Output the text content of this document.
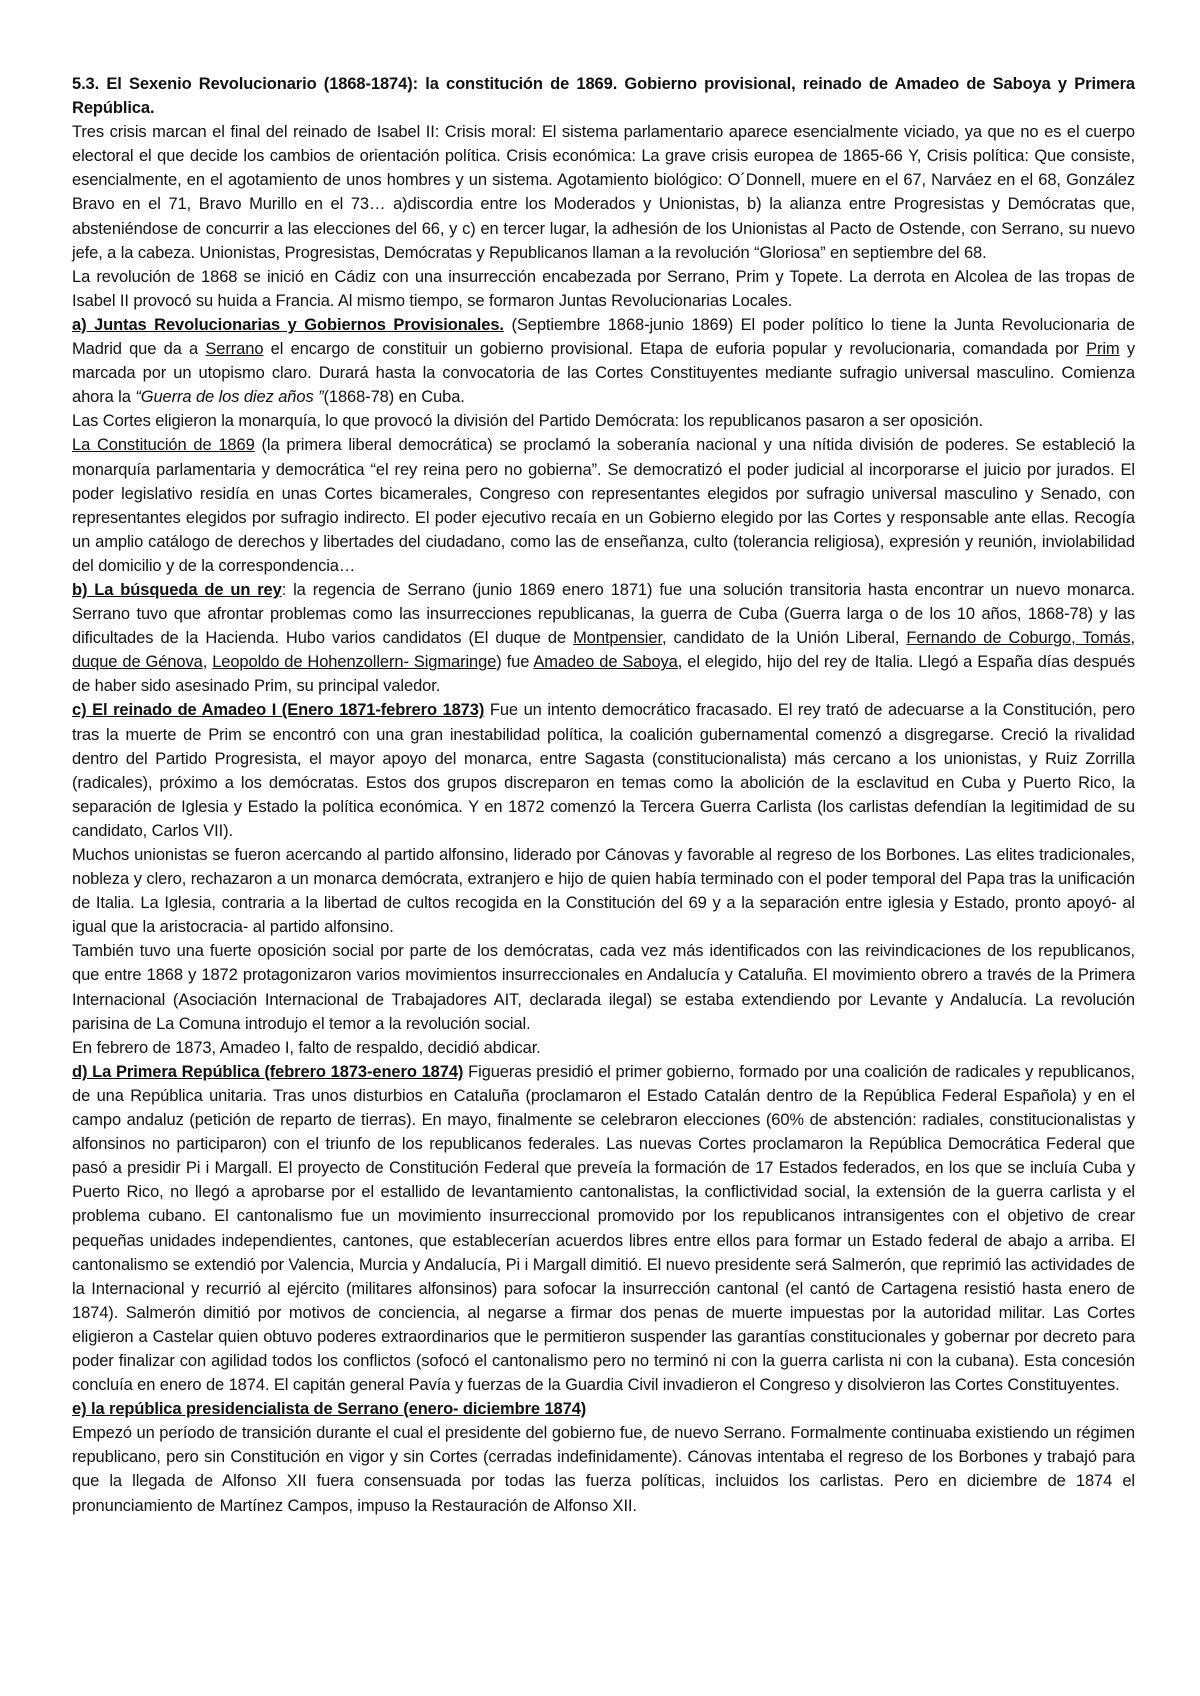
5.3. El Sexenio Revolucionario (1868-1874): la constitución de 1869. Gobierno provisional, reinado de Amadeo de Saboya y Primera República.

Tres crisis marcan el final del reinado de Isabel II: Crisis moral: El sistema parlamentario aparece esencialmente viciado, ya que no es el cuerpo electoral el que decide los cambios de orientación política. Crisis económica: La grave crisis europea de 1865-66 Y, Crisis política: Que consiste, esencialmente, en el agotamiento de unos hombres y un sistema. Agotamiento biológico: O´Donnell, muere en el 67, Narváez en el 68, González Bravo en el 71, Bravo Murillo en el 73… a)discordia entre los Moderados y Unionistas, b) la alianza entre Progresistas y Demócratas que, absteniéndose de concurrir a las elecciones del 66, y c) en tercer lugar, la adhesión de los Unionistas al Pacto de Ostende, con Serrano, su nuevo jefe, a la cabeza. Unionistas, Progresistas, Demócratas y Republicanos llaman a la revolución “Gloriosa” en septiembre del 68.

La revolución de 1868 se inició en Cádiz con una insurrección encabezada por Serrano, Prim y Topete. La derrota en Alcolea de las tropas de Isabel II provocó su huida a Francia. Al mismo tiempo, se formaron Juntas Revolucionarias Locales.

a) Juntas Revolucionarias y Gobiernos Provisionales. (Septiembre 1868-junio 1869) El poder político lo tiene la Junta Revolucionaria de Madrid que da a Serrano el encargo de constituir un gobierno provisional. Etapa de euforia popular y revolucionaria, comandada por Prim y marcada por un utopismo claro. Durará hasta la convocatoria de las Cortes Constituyentes mediante sufragio universal masculino. Comienza ahora la “Guerra de los diez años ”(1868-78) en Cuba.

Las Cortes eligieron la monarquía, lo que provocó la división del Partido Demócrata: los republicanos pasaron a ser oposición.

La Constitución de 1869 (la primera liberal democrática) se proclamó la soberanía nacional y una nítida división de poderes. Se estableció la monarquía parlamentaria y democrática “el rey reina pero no gobierna”. Se democratizó el poder judicial al incorporarse el juicio por jurados. El poder legislativo residía en unas Cortes bicamerales, Congreso con representantes elegidos por sufragio universal masculino y Senado, con representantes elegidos por sufragio indirecto. El poder ejecutivo recaía en un Gobierno elegido por las Cortes y responsable ante ellas. Recogía un amplio catálogo de derechos y libertades del ciudadano, como las de enseñanza, culto (tolerancia religiosa), expresión y reunión, inviolabilidad del domicilio y de la correspondencia…

b) La búsqueda de un rey: la regencia de Serrano (junio 1869 enero 1871) fue una solución transitoria hasta encontrar un nuevo monarca. Serrano tuvo que afrontar problemas como las insurrecciones republicanas, la guerra de Cuba (Guerra larga o de los 10 años, 1868-78) y las dificultades de la Hacienda. Hubo varios candidatos (El duque de Montpensier, candidato de la Unión Liberal, Fernando de Coburgo, Tomás, duque de Génova, Leopoldo de Hohenzollern- Sigmaringe) fue Amadeo de Saboya, el elegido, hijo del rey de Italia. Llegó a España días después de haber sido asesinado Prim, su principal valedor.

c) El reinado de Amadeo I (Enero 1871-febrero 1873) Fue un intento democrático fracasado. El rey trató de adecuarse a la Constitución, pero tras la muerte de Prim se encontró con una gran inestabilidad política, la coalición gubernamental comenzó a disgregarse. Creció la rivalidad dentro del Partido Progresista, el mayor apoyo del monarca, entre Sagasta (constitucionalista) más cercano a los unionistas, y Ruiz Zorrilla (radicales), próximo a los demócratas. Estos dos grupos discreparon en temas como la abolición de la esclavitud en Cuba y Puerto Rico, la separación de Iglesia y Estado la política económica. Y en 1872 comenzó la Tercera Guerra Carlista (los carlistas defendían la legitimidad de su candidato, Carlos VII).

Muchos unionistas se fueron acercando al partido alfonsino, liderado por Cánovas y favorable al regreso de los Borbones. Las elites tradicionales, nobleza y clero, rechazaron a un monarca demócrata, extranjero e hijo de quien había terminado con el poder temporal del Papa tras la unificación de Italia. La Iglesia, contraria a la libertad de cultos recogida en la Constitución del 69 y a la separación entre iglesia y Estado, pronto apoyó- al igual que la aristocracia- al partido alfonsino.

También tuvo una fuerte oposición social por parte de los demócratas, cada vez más identificados con las reivindicaciones de los republicanos, que entre 1868 y 1872 protagonizaron varios movimientos insurreccionales en Andalucía y Cataluña. El movimiento obrero a través de la Primera Internacional (Asociación Internacional de Trabajadores AIT, declarada ilegal) se estaba extendiendo por Levante y Andalucía. La revolución parisina de La Comuna introdujo el temor a la revolución social.

En febrero de 1873, Amadeo I, falto de respaldo, decidió abdicar.

d) La Primera República (febrero 1873-enero 1874) Figueras presidió el primer gobierno, formado por una coalición de radicales y republicanos, de una República unitaria. Tras unos disturbios en Cataluña (proclamaron el Estado Catalán dentro de la República Federal Española) y en el campo andaluz (petición de reparto de tierras). En mayo, finalmente se celebraron elecciones (60% de abstención: radiales, constitucionalistas y alfonsinos no participaron) con el triunfo de los republicanos federales. Las nuevas Cortes proclamaron la República Democrática Federal que pasó a presidir Pi i Margall. El proyecto de Constitución Federal que preveía la formación de 17 Estados federados, en los que se incluía Cuba y Puerto Rico, no llegó a aprobarse por el estallido de levantamiento cantonalistas, la conflictividad social, la extensión de la guerra carlista y el problema cubano. El cantonalismo fue un movimiento insurreccional promovido por los republicanos intransigentes con el objetivo de crear pequeñas unidades independientes, cantones, que establecerían acuerdos libres entre ellos para formar un Estado federal de abajo a arriba. El cantonalismo se extendió por Valencia, Murcia y Andalucía, Pi i Margall dimitió. El nuevo presidente será Salmerón, que reprimió las actividades de la Internacional y recurrió al ejército (militares alfonsinos) para sofocar la insurrección cantonal (el cantó de Cartagena resistió hasta enero de 1874). Salmerón dimitió por motivos de conciencia, al negarse a firmar dos penas de muerte impuestas por la autoridad militar. Las Cortes eligieron a Castelar quien obtuvo poderes extraordinarios que le permitieron suspender las garantías constitucionales y gobernar por decreto para poder finalizar con agilidad todos los conflictos (sofocó el cantonalismo pero no terminó ni con la guerra carlista ni con la cubana). Esta concesión concluía en enero de 1874. El capitán general Pavía y fuerzas de la Guardia Civil invadieron el Congreso y disolvieron las Cortes Constituyentes.

e) la república presidencialista de Serrano (enero- diciembre 1874)

Empezó un período de transición durante el cual el presidente del gobierno fue, de nuevo Serrano. Formalmente continuaba existiendo un régimen republicano, pero sin Constitución en vigor y sin Cortes (cerradas indefinidamente). Cánovas intentaba el regreso de los Borbones y trabajó para que la llegada de Alfonso XII fuera consensuada por todas las fuerza políticas, incluidos los carlistas. Pero en diciembre de 1874 el pronunciamiento de Martínez Campos, impuso la Restauración de Alfonso XII.
